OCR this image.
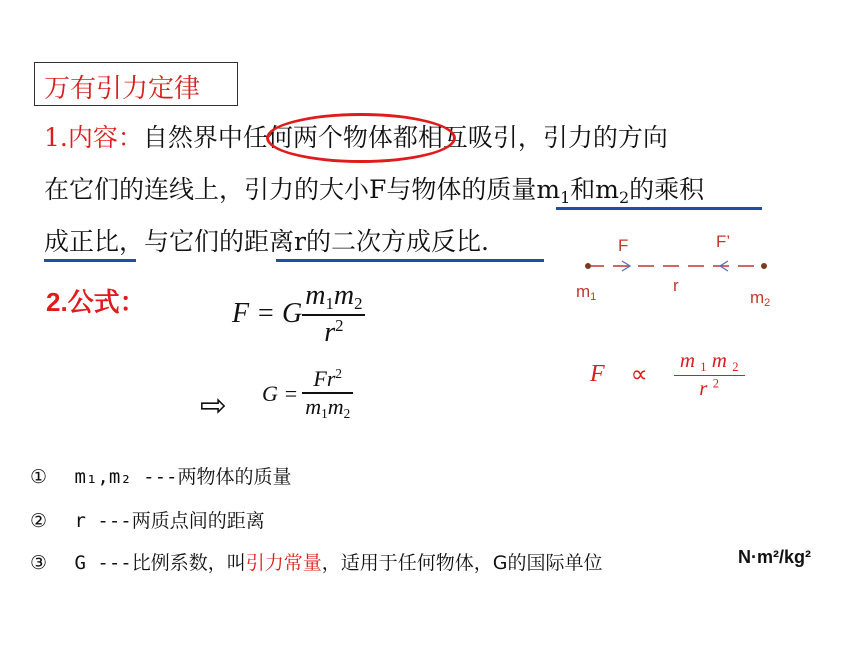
万有引力定律
1.内容：自然界中任何两个物体都相互吸引，引力的方向
在它们的连线上，引力的大小F与物体的质量$m_1$和$m_2$的乘积
成正比，与它们的距离r的二次方成反比.
2.公式：	F = G $\frac{m1m2}{r^2}$
⇨ $G = \frac{Fr^2}{m1m2}$
F	F’
m1
r
m2
$F \propto \frac{m 1 m 2}{r ^2}$
① m₁,m₂ ---两物体的质量
② r ---两质点间的距离
③ G ---比例系数，叫引力常量，适用于任何物体，G的国际单位	N·m²/kg²
